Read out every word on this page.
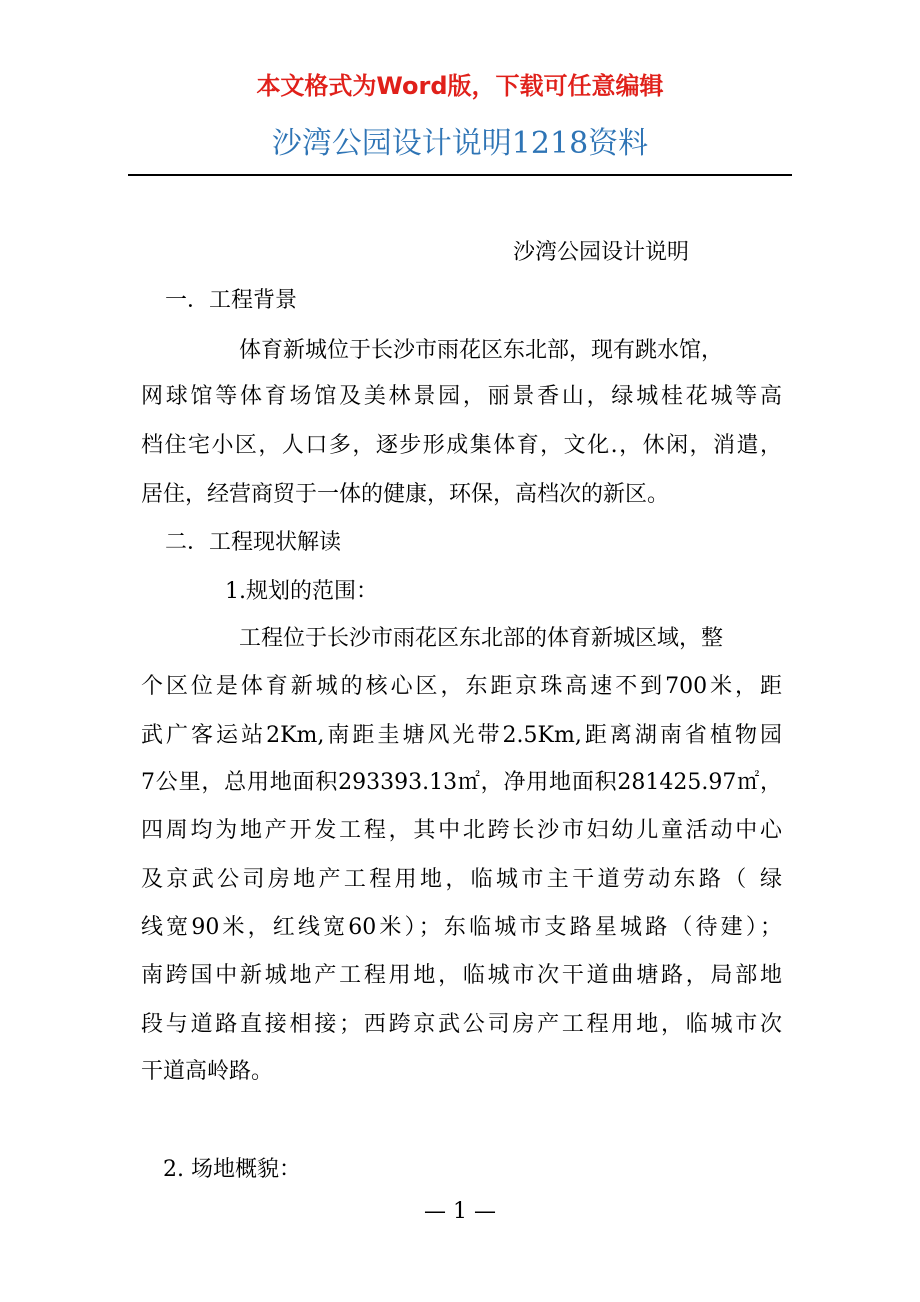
本文格式为Word版，下载可任意编辑
沙湾公园设计说明1218资料
沙湾公园设计说明
一．工程背景
体育新城位于长沙市雨花区东北部，现有跳水馆，
网球馆等体育场馆及美林景园，丽景香山，绿城桂花城等高
档住宅小区，人口多，逐步形成集体育，文化.，休闲，消遣，
居住，经营商贸于一体的健康，环保，高档次的新区。
二．工程现状解读
1.规划的范围：
工程位于长沙市雨花区东北部的体育新城区域，整
个区位是体育新城的核心区，东距京珠高速不到700米，距
武广客运站2Km,南距圭塘风光带2.5Km,距离湖南省植物园
7公里，总用地面积293393.13㎡，净用地面积281425.97㎡，
四周均为地产开发工程，其中北跨长沙市妇幼儿童活动中心
及京武公司房地产工程用地，临城市主干道劳动东路（ 绿
线宽90米，红线宽60米）；东临城市支路星城路（待建）；
南跨国中新城地产工程用地，临城市次干道曲塘路，局部地
段与道路直接相接；西跨京武公司房产工程用地，临城市次
干道高岭路。
2. 场地概貌：
— 1 —
